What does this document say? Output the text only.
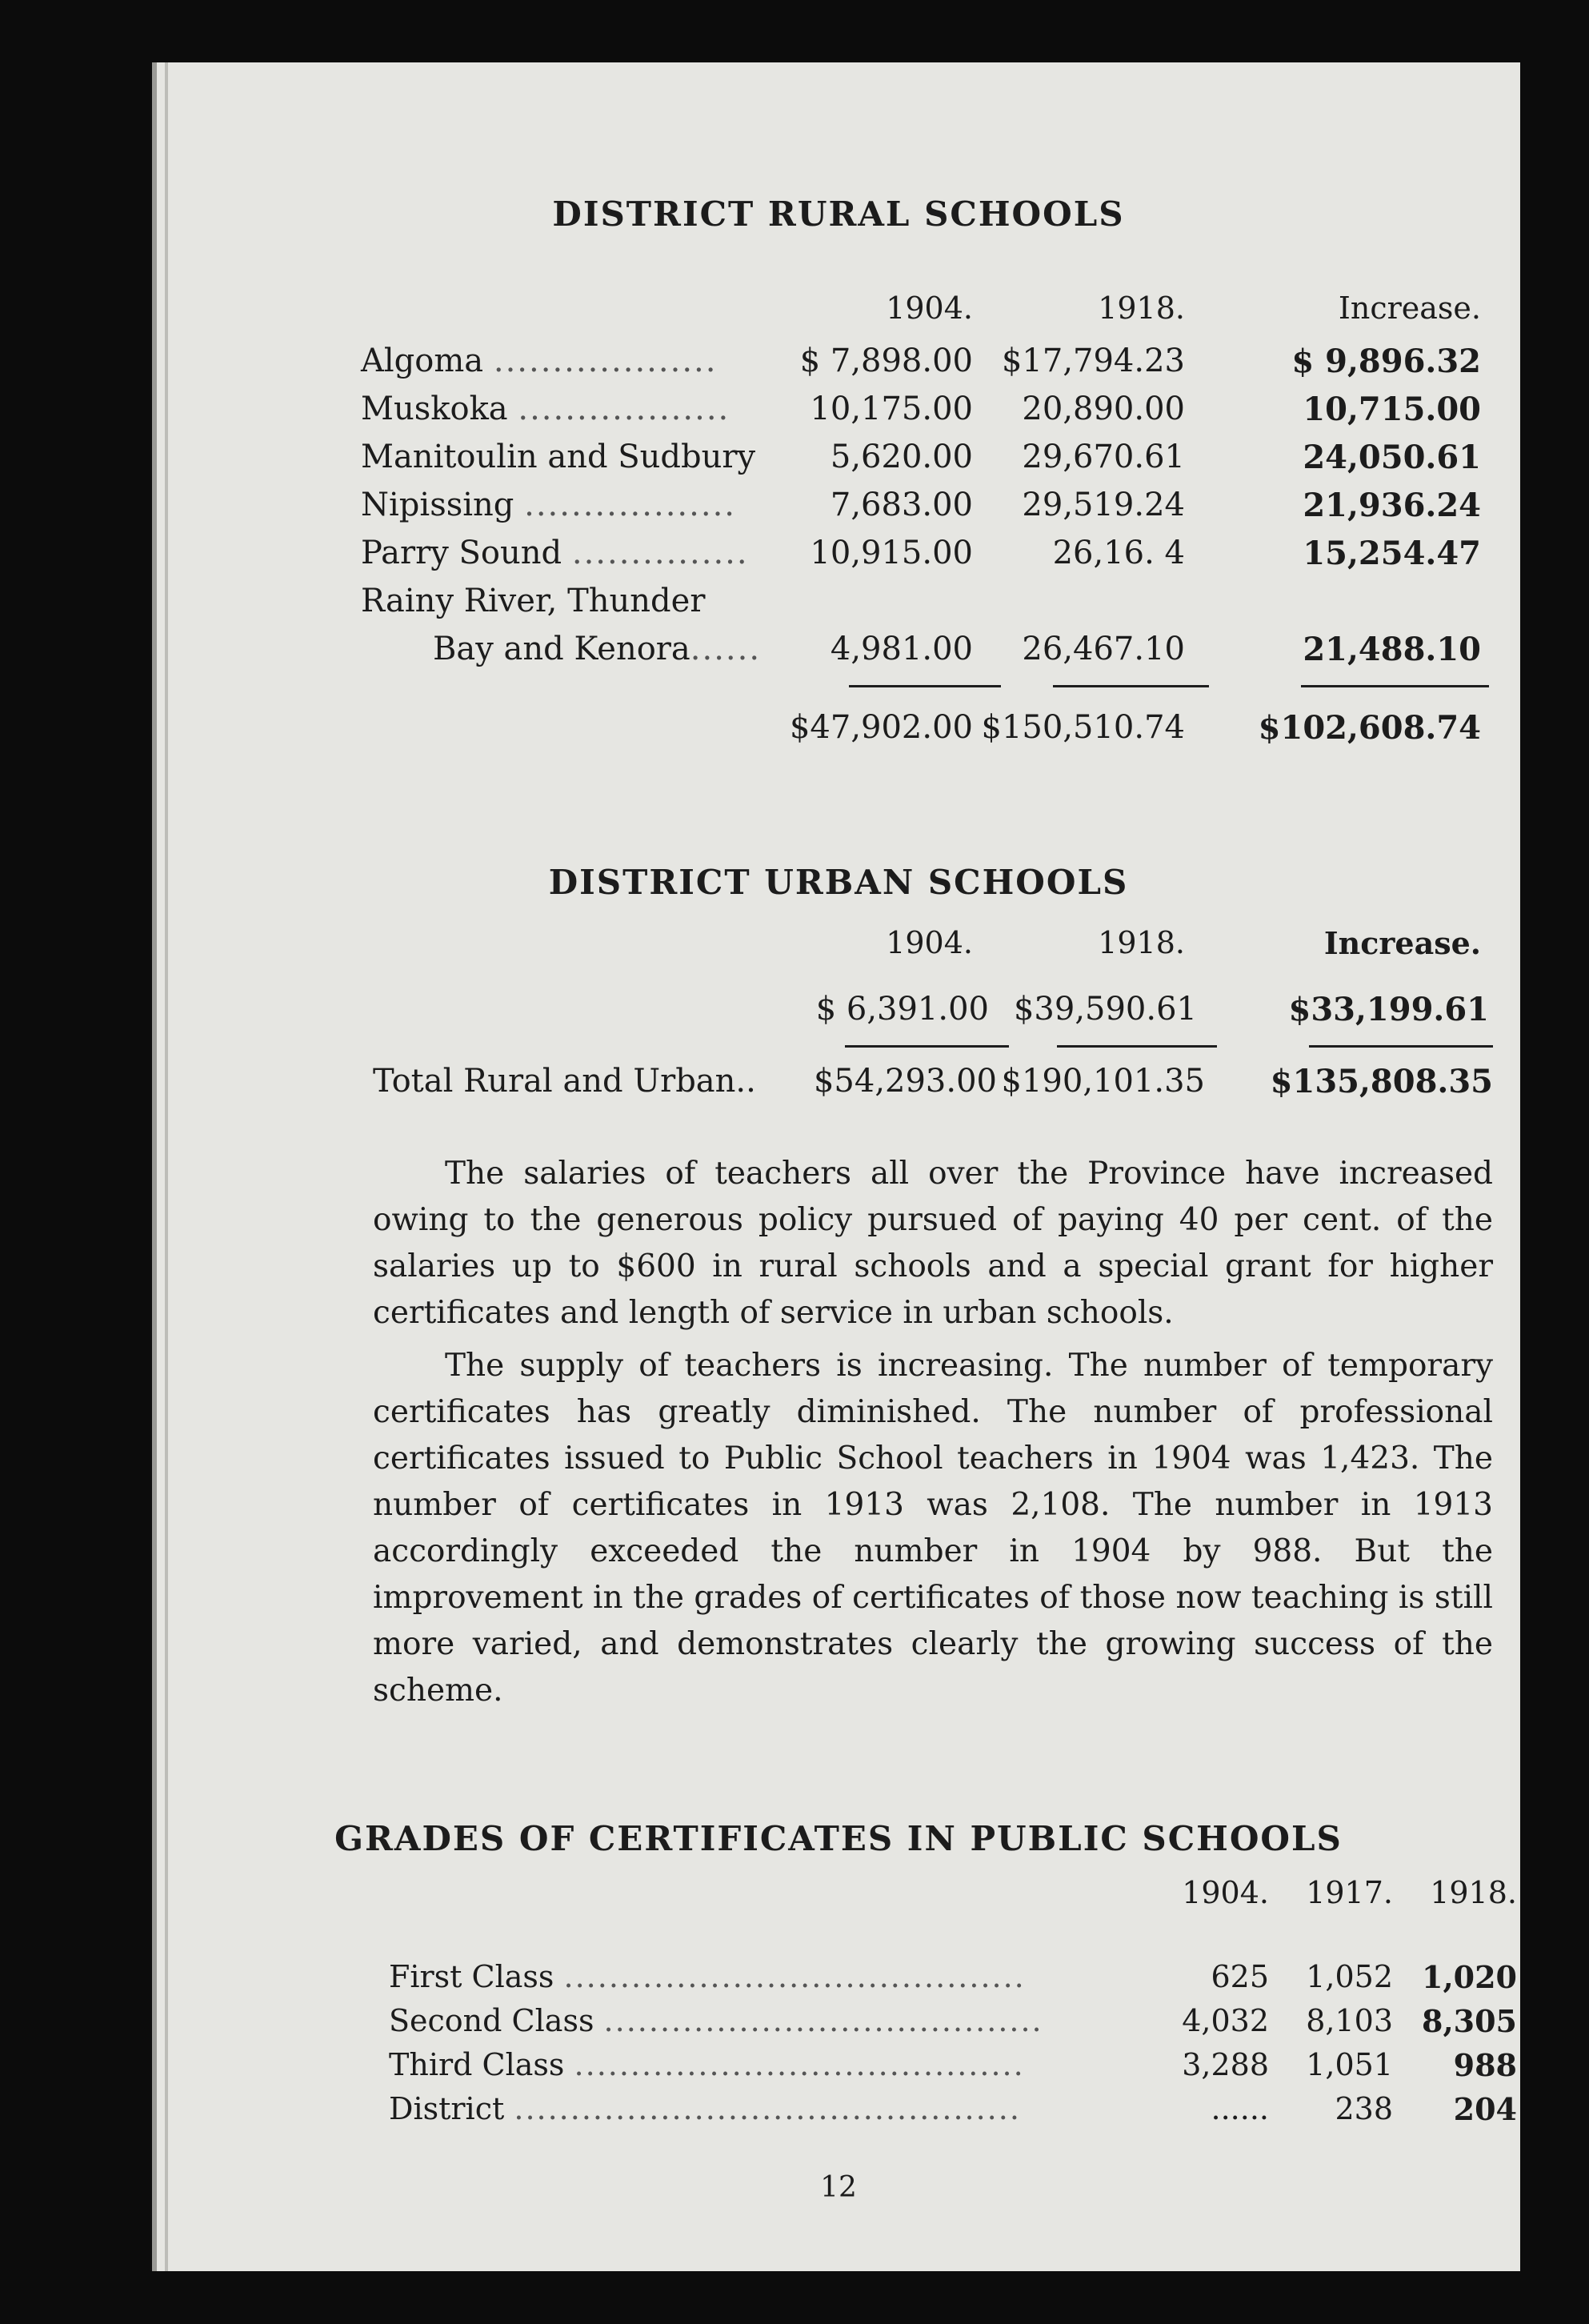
DISTRICT RURAL SCHOOLS
1904.	1918.	Increase.
Algoma ...................	$ 7,898.00 $17,794.23	$ 9,896.32
Muskoka ..................	10,175.00	20,890.00	10,715.00
Manitoulin and Sudbury	5,620.00	29,670.61	24,050.61
Nipissing ..................	7,683.00	29,519.24	21,936.24
Parry Sound ...............	10,915.00	26,16. 4	15,254.47
Rainy River, Thunder
Bay and Kenora......	4,981.00	26,467.10	21,488.10
$47,902.00 $150,510.74	$102,608.74
DISTRICT URBAN SCHOOLS
1904.	1918.	Increase.
$ 6,391.00 $39,590.61	$33,199.61
Total Rural and Urban..	$54,293.00 $190,101.35	$135,808.35
The salaries of teachers all over the Province have increased owing to the generous policy pursued of paying 40 per cent. of the salaries up to $600 in rural schools and a special grant for higher certificates and length of service in urban schools.
The supply of teachers is increasing. The number of temporary certificates has greatly diminished. The number of professional certificates issued to Public School teachers in 1904 was 1,423. The number of certificates in 1913 was 2,108. The number in 1913 accordingly exceeded the number in 1904 by 988. But the improvement in the grades of certificates of those now teaching is still more varied, and demonstrates clearly the growing success of the scheme.
GRADES OF CERTIFICATES IN PUBLIC SCHOOLS
1904.	1917.	1918.
First Class .........................................	625	1,052 1,020
Second Class .......................................	4,032	8,103 8,305
Third Class ........................................	3,288	1,051	988
District .............................................	......	238	204
12
